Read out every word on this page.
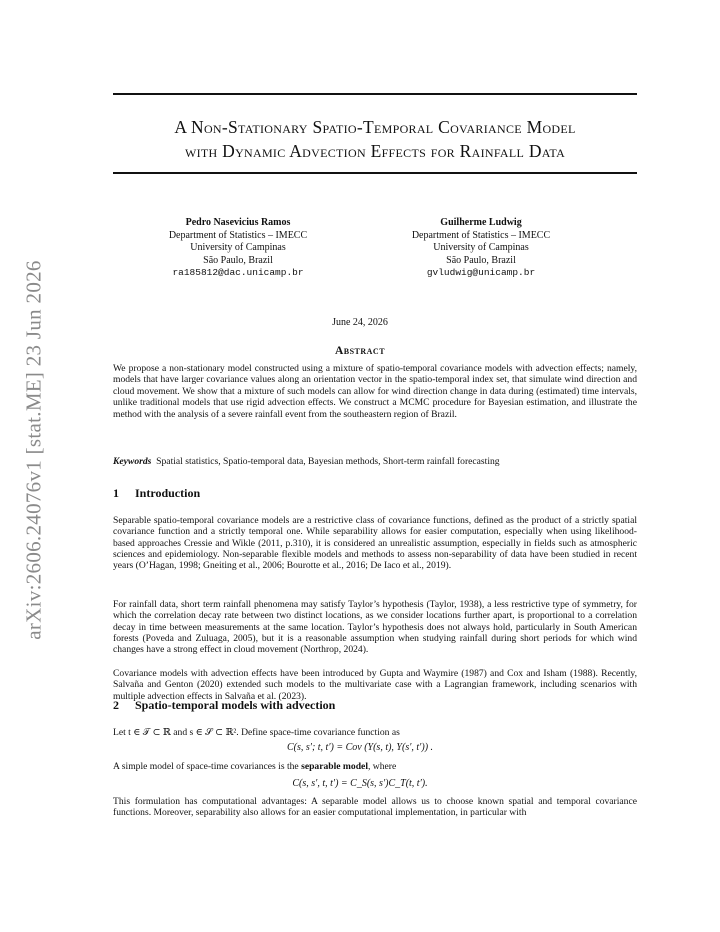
arXiv:2606.24076v1 [stat.ME] 23 Jun 2026
A Non-Stationary Spatio-Temporal Covariance Model
with Dynamic Advection Effects for Rainfall Data
Pedro Nasevicius Ramos
Department of Statistics – IMECC
University of Campinas
São Paulo, Brazil
ra185812@dac.unicamp.br
Guilherme Ludwig
Department of Statistics – IMECC
University of Campinas
São Paulo, Brazil
gvludwig@unicamp.br
June 24, 2026
Abstract
We propose a non-stationary model constructed using a mixture of spatio-temporal covariance models with advection effects; namely, models that have larger covariance values along an orientation vector in the spatio-temporal index set, that simulate wind direction and cloud movement. We show that a mixture of such models can allow for wind direction change in data during (estimated) time intervals, unlike traditional models that use rigid advection effects. We construct a MCMC procedure for Bayesian estimation, and illustrate the method with the analysis of a severe rainfall event from the southeastern region of Brazil.
Keywords Spatial statistics, Spatio-temporal data, Bayesian methods, Short-term rainfall forecasting
1 Introduction
Separable spatio-temporal covariance models are a restrictive class of covariance functions, defined as the product of a strictly spatial covariance function and a strictly temporal one. While separability allows for easier computation, especially when using likelihood-based approaches Cressie and Wikle (2011, p.310), it is considered an unrealistic assumption, especially in fields such as atmospheric sciences and epidemiology. Non-separable flexible models and methods to assess non-separability of data have been studied in recent years (O’Hagan, 1998; Gneiting et al., 2006; Bourotte et al., 2016; De Iaco et al., 2019).
For rainfall data, short term rainfall phenomena may satisfy Taylor’s hypothesis (Taylor, 1938), a less restrictive type of symmetry, for which the correlation decay rate between two distinct locations, as we consider locations further apart, is proportional to a correlation decay in time between measurements at the same location. Taylor’s hypothesis does not always hold, particularly in South American forests (Poveda and Zuluaga, 2005), but it is a reasonable assumption when studying rainfall during short periods for which wind changes have a strong effect in cloud movement (Northrop, 2024).
Covariance models with advection effects have been introduced by Gupta and Waymire (1987) and Cox and Isham (1988). Recently, Salvaña and Genton (2020) extended such models to the multivariate case with a Lagrangian framework, including scenarios with multiple advection effects in Salvaña et al. (2023).
2 Spatio-temporal models with advection
Let t ∈ 𝒯 ⊂ ℝ and s ∈ 𝒮 ⊂ ℝ². Define space-time covariance function as
C(s, s′; t, t′) = Cov (Y(s, t), Y(s′, t′)) .
A simple model of space-time covariances is the separable model, where
C(s, s′, t, t′) = C_S(s, s′)C_T(t, t′).
This formulation has computational advantages: A separable model allows us to choose known spatial and temporal covariance functions. Moreover, separability also allows for an easier computational implementation, in particular with
